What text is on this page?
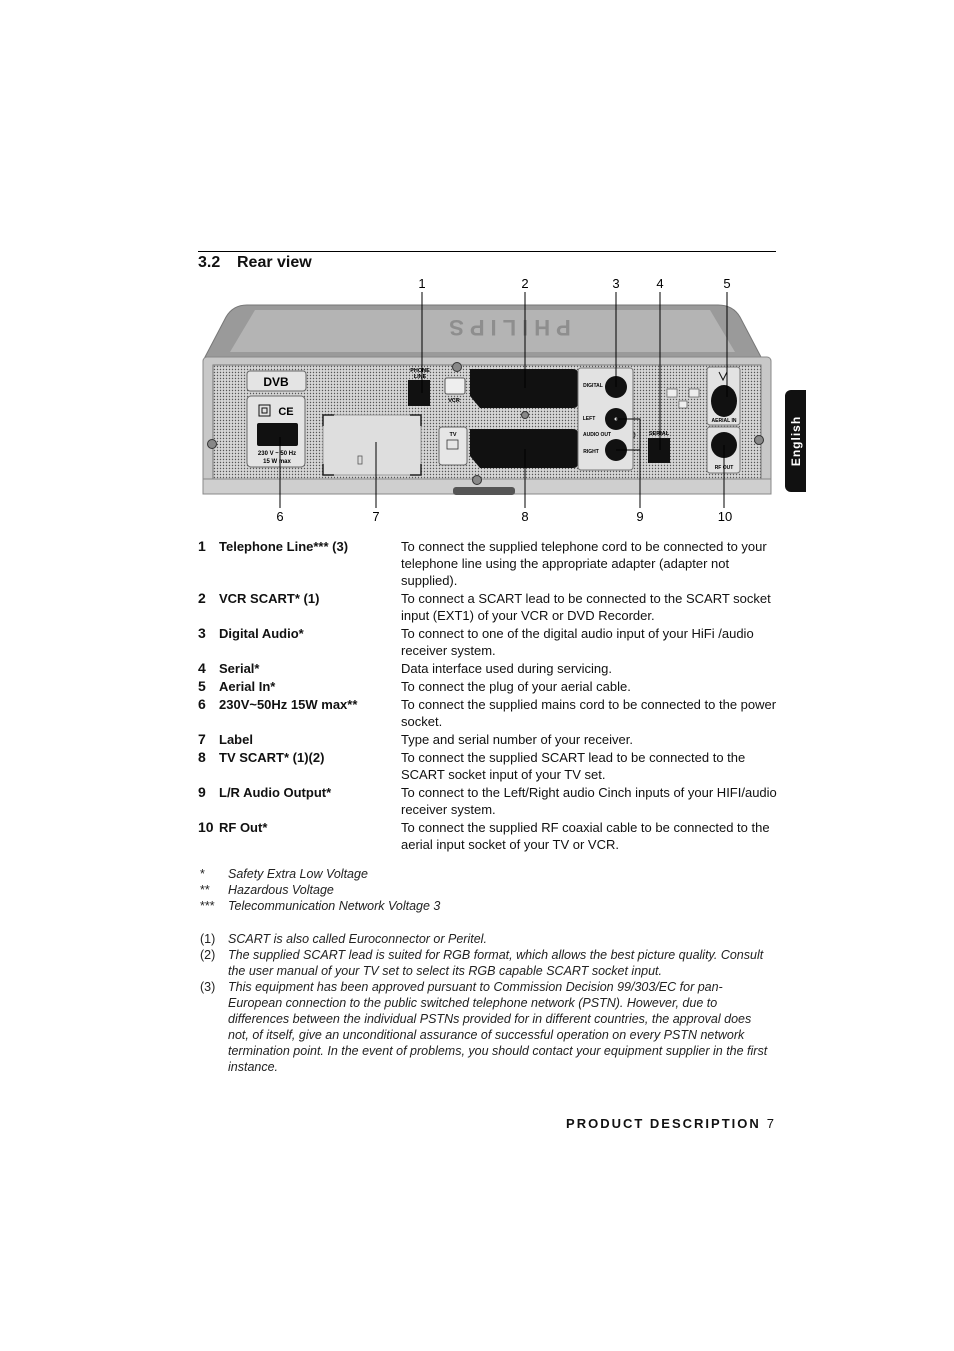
3.2 Rear view
1	2	3	4	5
PHILIPS
DVB
CE
230 V ~ 50 Hz
15 W max
PHONE
LINE
VCR
TV
DIGITAL
LEFT
AUDIO OUT
RIGHT
SERIAL
AERIAL IN
RF OUT
6	7	8	9	10
English
1	Telephone Line*** (3)	To connect the supplied telephone cord to be connected to your telephone line using the appropriate adapter (adapter not supplied).
2	VCR SCART* (1)	To connect a SCART lead to be connected to the SCART socket input (EXT1) of your VCR or DVD Recorder.
3	Digital Audio*	To connect to one of the digital audio input of your HiFi /audio receiver system.
4	Serial*	Data interface used during servicing.
5	Aerial In*	To connect the plug of your aerial cable.
6	230V~50Hz 15W max**	To connect the supplied mains cord to be connected to the power socket.
7	Label	Type and serial number of your receiver.
8	TV SCART* (1)(2)	To connect the supplied SCART lead to be connected to the SCART socket input of your TV set.
9	L/R Audio Output*	To connect to the Left/Right audio Cinch inputs of your HIFI/audio receiver system.
10 RF Out*	To connect the supplied RF coaxial cable to be connected to the aerial input socket of your TV or VCR.
*	Safety Extra Low Voltage
**	Hazardous Voltage
***	Telecommunication Network Voltage 3
(1)	SCART is also called Euroconnector or Peritel.
(2)	The supplied SCART lead is suited for RGB format, which allows the best picture quality. Consult the user manual of your TV set to select its RGB capable SCART socket input.
(3)	This equipment has been approved pursuant to Commission Decision 99/303/EC for pan-European connection to the public switched telephone network (PSTN). However, due to differences between the individual PSTNs provided for in different countries, the approval does not, of itself, give an unconditional assurance of successful operation on every PSTN network termination point. In the event of problems, you should contact your equipment supplier in the first instance.
PRODUCT DESCRIPTION 7
